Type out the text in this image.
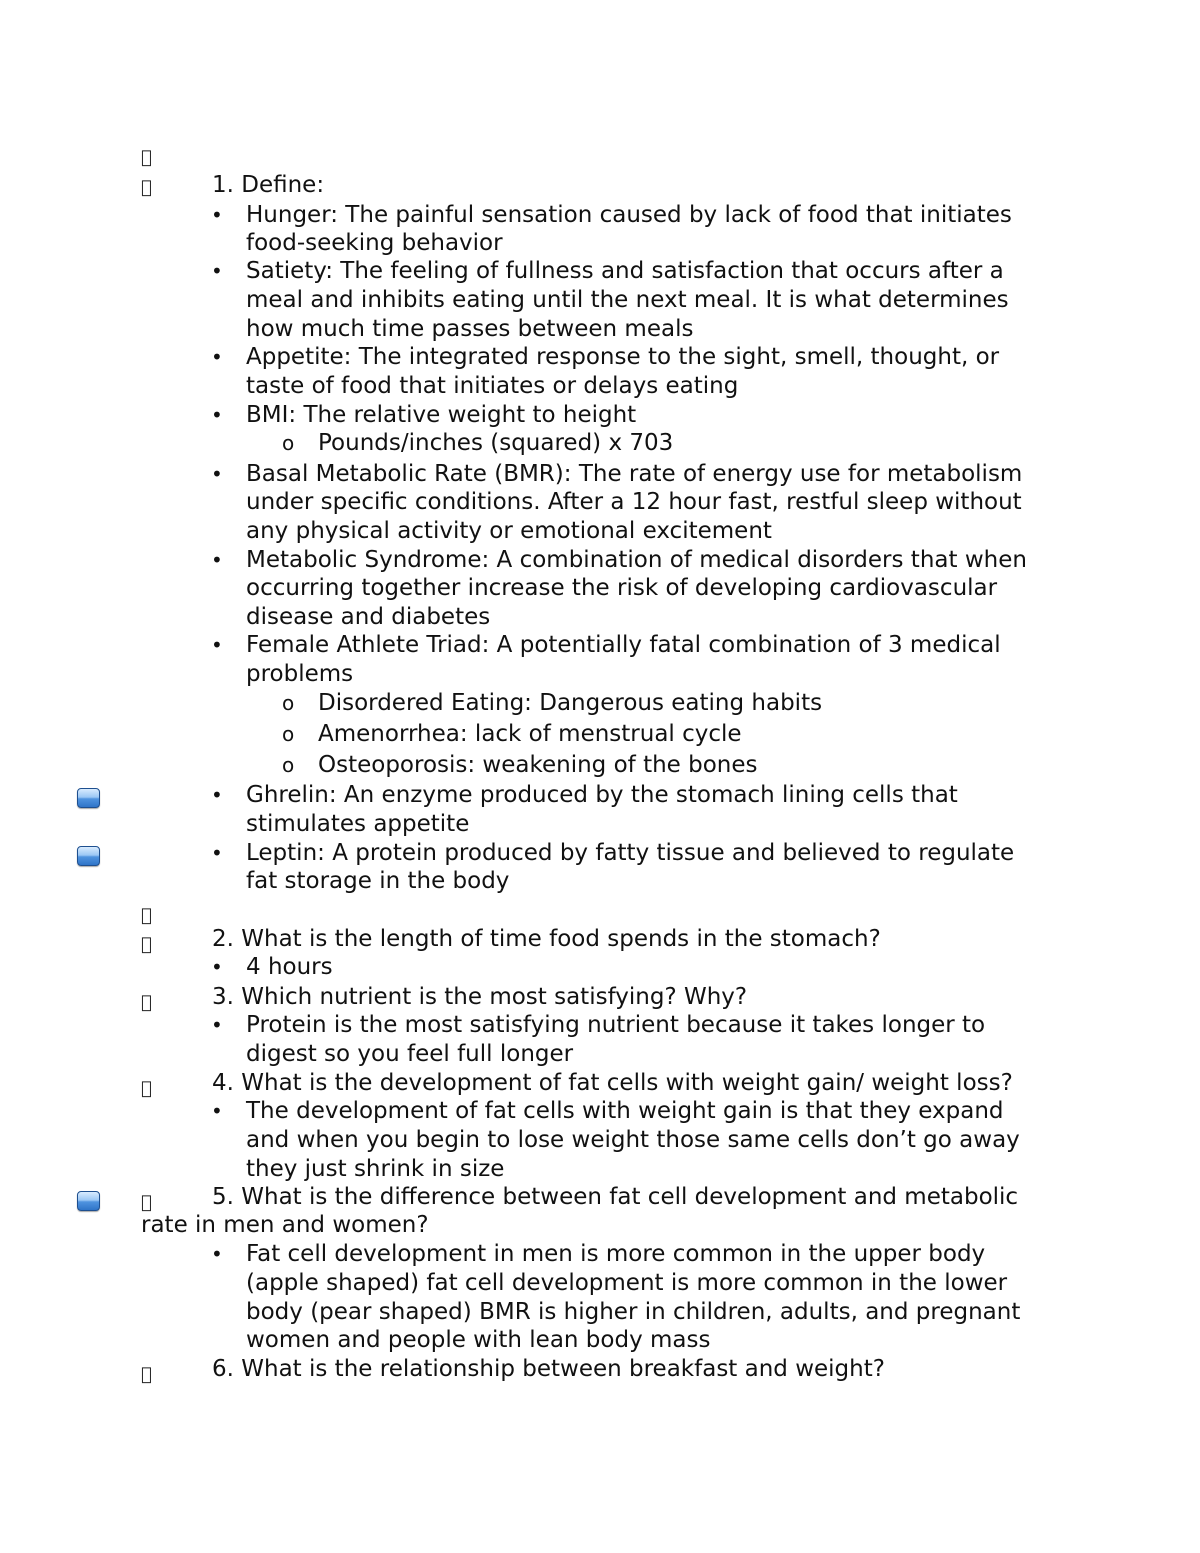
1. Define:
• Hunger: The painful sensation caused by lack of food that initiates
food-seeking behavior
• Satiety: The feeling of fullness and satisfaction that occurs after a
meal and inhibits eating until the next meal. It is what determines
how much time passes between meals
• Appetite: The integrated response to the sight, smell, thought, or
taste of food that initiates or delays eating
• BMI: The relative weight to height
o Pounds/inches (squared) x 703
• Basal Metabolic Rate (BMR): The rate of energy use for metabolism
under specific conditions. After a 12 hour fast, restful sleep without
any physical activity or emotional excitement
• Metabolic Syndrome: A combination of medical disorders that when
occurring together increase the risk of developing cardiovascular
disease and diabetes
• Female Athlete Triad: A potentially fatal combination of 3 medical
problems
o Disordered Eating: Dangerous eating habits
o Amenorrhea: lack of menstrual cycle
o Osteoporosis: weakening of the bones
• Ghrelin: An enzyme produced by the stomach lining cells that
stimulates appetite
• Leptin: A protein produced by fatty tissue and believed to regulate
fat storage in the body
2. What is the length of time food spends in the stomach?
• 4 hours
3. Which nutrient is the most satisfying? Why?
• Protein is the most satisfying nutrient because it takes longer to
digest so you feel full longer
4. What is the development of fat cells with weight gain/ weight loss?
• The development of fat cells with weight gain is that they expand
and when you begin to lose weight those same cells don’t go away
they just shrink in size
5. What is the difference between fat cell development and metabolic
rate in men and women?
• Fat cell development in men is more common in the upper body
(apple shaped) fat cell development is more common in the lower
body (pear shaped) BMR is higher in children, adults, and pregnant
women and people with lean body mass
6. What is the relationship between breakfast and weight?
